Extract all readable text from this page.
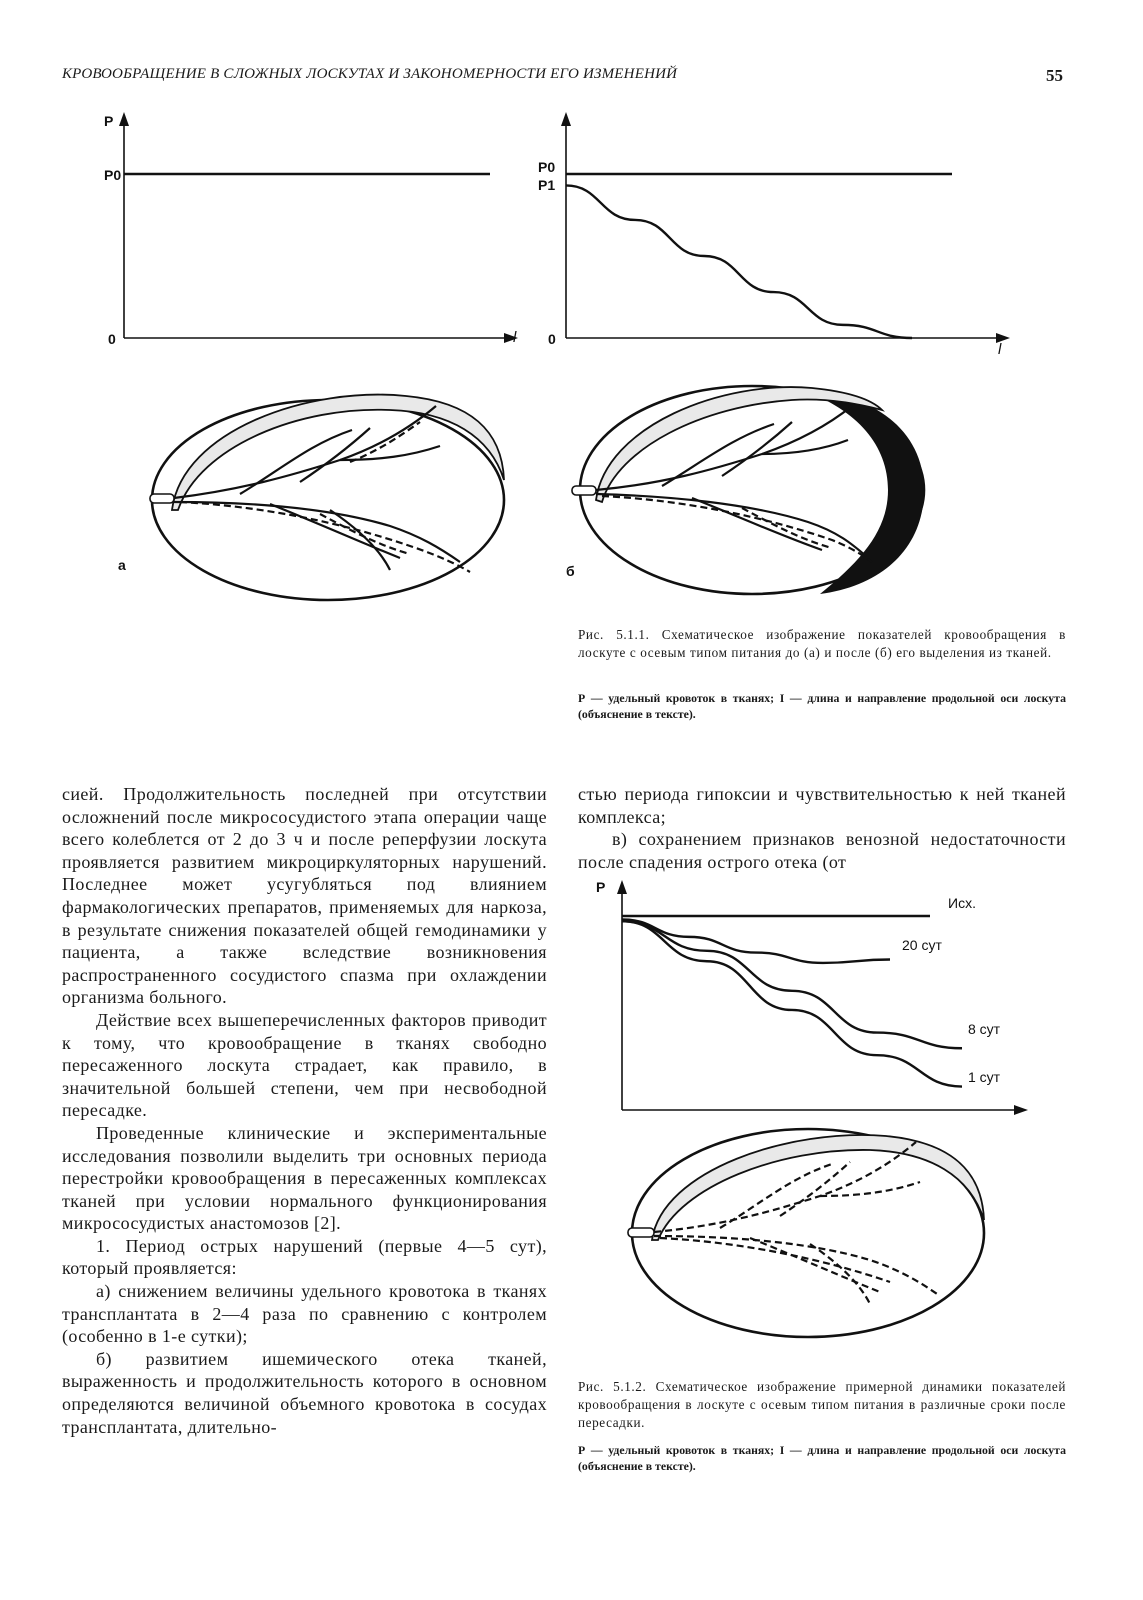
КРОВООБРАЩЕНИЕ В СЛОЖНЫХ ЛОСКУТАХ И ЗАКОНОМЕРНОСТИ ЕГО ИЗМЕНЕНИЙ	55
P
P0
0	l
а
P0
P1
0
l
б
Рис. 5.1.1. Схематическое изображение показателей кровообращения в лоскуте с осевым типом питания до (а) и после (б) его выделения из тканей.
Р — удельный кровоток в тканях; I — длина и направление продольной оси лоскута (объяснение в тексте).

сией. Продолжительность последней при отсутствии осложнений после микрососудистого этапа операции чаще всего колеблется от 2 до 3 ч и после реперфузии лоскута проявляется развитием микроциркуляторных нарушений. Последнее может усугубляться под влиянием фармакологических препаратов, применяемых для наркоза, в результате снижения показателей общей гемодинамики у пациента, а также вследствие возникновения распространенного сосудистого спазма при охлаждении организма больного.

Действие всех вышеперечисленных факторов приводит к тому, что кровообращение в тканях свободно пересаженного лоскута страдает, как правило, в значительной большей степени, чем при несвободной пересадке.

Проведенные клинические и экспериментальные исследования позволили выделить три основных периода перестройки кровообращения в пересаженных комплексах тканей при условии нормального функционирования микрососудистых анастомозов [2].

1. Период острых нарушений (первые 4—5 сут), который проявляется:

а) снижением величины удельного кровотока в тканях трансплантата в 2—4 раза по сравнению с контролем (особенно в 1-е сутки);

б) развитием ишемического отека тканей, выраженность и продолжительность которого в основном определяются величиной объемного кровотока в сосудах трансплантата, длительно-

стью периода гипоксии и чувствительностью к ней тканей комплекса;

в) сохранением признаков венозной недостаточности после спадения острого отека (от

P
Исх.
20 сут
8 сут
1 сут
Рис. 5.1.2. Схематическое изображение примерной динамики показателей кровообращения в лоскуте с осевым типом питания в различные сроки после пересадки.
Р — удельный кровоток в тканях; I — длина и направление продольной оси лоскута (объяснение в тексте).
